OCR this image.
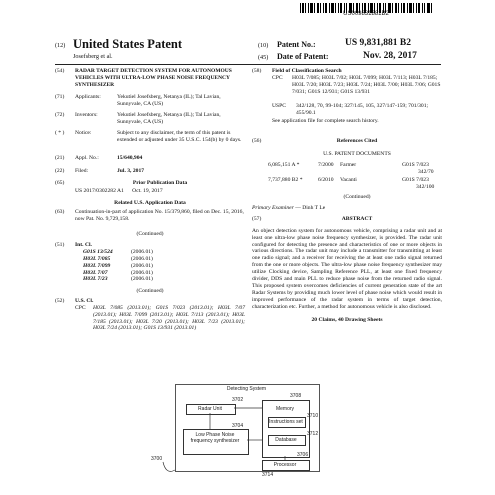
US009831881B2
(12) United States Patent
Josefsberg et al.
(10) Patent No.:	US 9,831,881 B2
(45) Date of Patent:	Nov. 28, 2017
(54) RADAR TARGET DETECTION SYSTEM FOR AUTONOMOUS VEHICLES WITH ULTRA-LOW PHASE NOISE FREQUENCY SYNTHESIZER
(71) Applicants:	Yekutiel Josefsberg, Netanya (IL); Tal Lavian, Sunnyvale, CA (US)
(72) Inventors:	Yekutiel Josefsberg, Netanya (IL); Tal Lavian, Sunnyvale, CA (US)
( * ) Notice:	Subject to any disclaimer, the term of this patent is extended or adjusted under 35 U.S.C. 154(b) by 0 days.
(21) Appl. No.:	15/640,904
(22) Filed:	Jul. 3, 2017
(65)	Prior Publication Data
US 2017/0302282 A1      Oct. 19, 2017
Related U.S. Application Data
(63) Continuation-in-part of application No. 15/379,860, filed on Dec. 15, 2016, now Pat. No. 9,729,158.
(Continued)
(51) Int. Cl.
G01S 13/524	(2006.01)
H03L 7/085	(2006.01)
H03L 7/099	(2006.01)
H03L 7/07	(2006.01)
H03L 7/23	(2006.01)
(Continued)
(52) U.S. Cl.
CPC H03L 7/085 (2013.01); G01S 7/023 (2013.01); H03L 7/07 (2013.01); H03L 7/099 (2013.01); H03L 7/113 (2013.01); H03L 7/185 (2013.01); H03L 7/20 (2013.01); H03L 7/23 (2013.01); H03L 7/24 (2013.01); G01S 13/931 (2013.01)
(58) Field of Classification Search
CPC H03L 7/085; H03L 7/02; H03L 7/099; H03L 7/113; H03L 7/185; H03L 7/20; H03L 7/23; H03L 7/24; H03L 7/00; H03L 7/06; G01S 7/031; G01S 12/931; G01S 13/931
USPC 342/128, 70, 99-104; 327/145, 105, 327/147-159; 701/301; 455/90.1
See application file for complete search history.
(56)	References Cited
U.S. PATENT DOCUMENTS
6,085,151 A *	7/2000 Farmer	G01S 7/023
342/70
7,737,880 B2 *	6/2010 Vacanti	G01S 7/023
342/100
(Continued)
Primary Examiner — Dinh T Le
(57)	ABSTRACT
An object detection system for autonomous vehicle, comprising a radar unit and at least one ultra-low phase noise frequency synthesizer, is provided. The radar unit configured for detecting the presence and characteristics of one or more objects in various directions. The radar unit may include a transmitter for transmitting at least one radio signal; and a receiver for receiving the at least one radio signal returned from the one or more objects. The ultra-low phase noise frequency synthesizer may utilize Clocking device, Sampling Reference PLL, at least one fixed frequency divider, DDS and main PLL to reduce phase noise from the returned radio signal. This proposed system overcomes deficiencies of current generation state of the art Radar Systems by providing much lower level of phase noise which would result in improved performance of the radar system in terms of target detection, characterization etc. Further, a method for autonomous vehicle is also disclosed.
20 Claims, 40 Drawing Sheets
Detecting System
Radar Unit
Low Phase Noise frequency synthesizer
Memory
Instructions set
Database
Processor
3702
3708
3710
3712
3704
3706
3714
3700
